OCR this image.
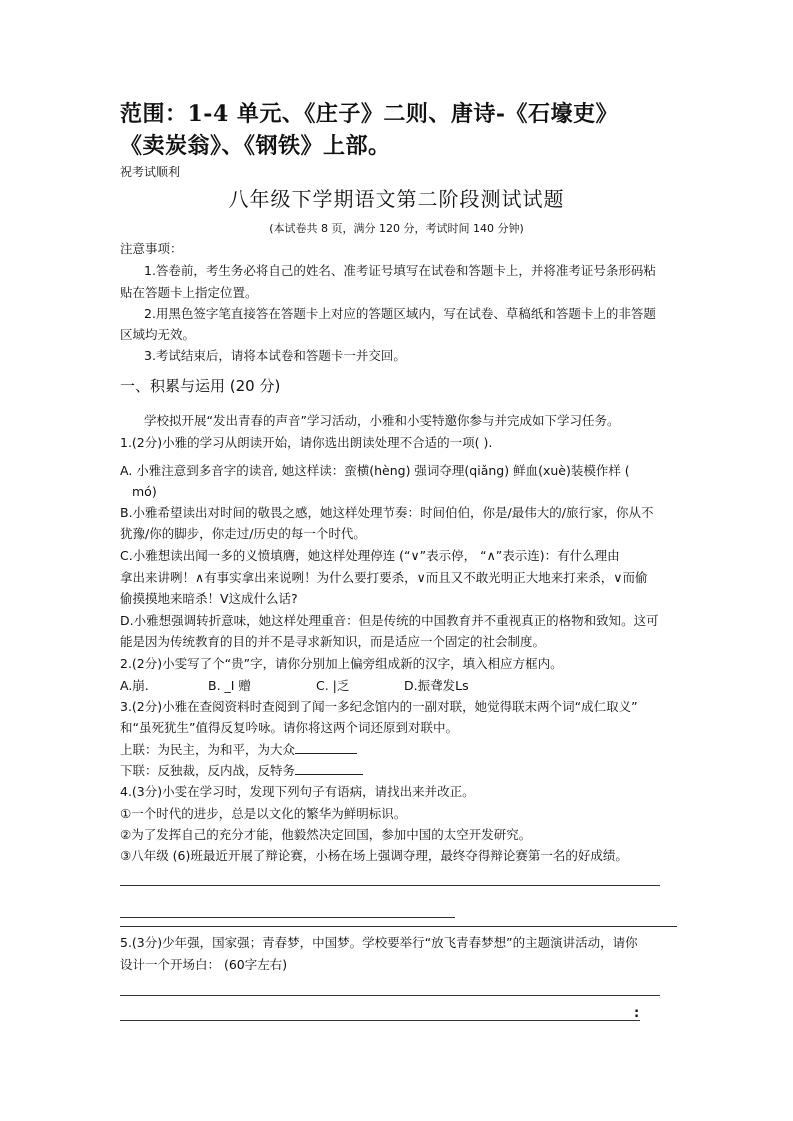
范围：1-4 单元、《庄子》二则、唐诗-《石壕吏》
《卖炭翁》、《钢铁》上部。
祝考试顺利
八年级下学期语文第二阶段测试试题
(本试卷共 8 页，满分 120 分，考试时间 140 分钟)
注意事项：
1.答卷前，考生务必将自己的姓名、准考证号填写在试卷和答题卡上，并将准考证号条形码粘
贴在答题卡上指定位置。
2.用黑色签字笔直接答在答题卡上对应的答题区域内，写在试卷、草稿纸和答题卡上的非答题
区域均无效。
3.考试结束后，请将本试卷和答题卡一并交回。
一、积累与运用 (20 分)
学校拟开展“发出青春的声音”学习活动，小雅和小雯特邀你参与并完成如下学习任务。
1.(2分)小雅的学习从朗读开始，请你选出朗读处理不合适的一项( ).
A. 小雅注意到多音字的读音, 她这样读：蛮横(hèng) 强词夺理(qiǎng) 鲜血(xuè)装模作样 (
mó)
B.小雅希望读出对时间的敬畏之感，她这样处理节奏：时间伯伯，你是/最伟大的/旅行家，你从不
犹豫/你的脚步，你走过/历史的每一个时代。
C.小雅想读出闻一多的义愤填膺，她这样处理停连 (“∨”表示停， “∧”表示连)：有什么理由
拿出来讲咧！∧有事实拿出来说咧！为什么要打要杀，∨而且又不敢光明正大地来打来杀，∨而偷
偷摸摸地来暗杀！V这成什么话?
D.小雅想强调转折意味，她这样处理重音：但是传统的中国教育并不重视真正的格物和致知。这可
能是因为传统教育的目的并不是寻求新知识，而是适应一个固定的社会制度。
2.(2分)小雯写了个“贵”字，请你分别加上偏旁组成新的汉字，填入相应方框内。
A.崩.	B. _I 赠	C. |乏	D.振聋发Ls
3.(2分)小雅在查阅资料时查阅到了闻一多纪念馆内的一副对联，她觉得联末两个词“成仁取义”
和“虽死犹生”值得反复吟咏。请你将这两个词还原到对联中。
上联：为民主，为和平，为大众
下联：反独裁，反内战，反特务
4.(3分)小雯在学习时，发现下列句子有语病，请找出来并改正。
①一个时代的进步，总是以文化的繁华为鲜明标识。
②为了发挥自己的充分才能，他毅然决定回国，参加中国的太空开发研究。
③八年级 (6)班最近开展了辩论赛，小杨在场上强调夺理，最终夺得辩论赛第一名的好成绩。
5.(3分)少年强，国家强；青春梦，中国梦。学校要举行“放飞青春梦想”的主题演讲活动，请你
设计一个开场白： (60字左右)
:
